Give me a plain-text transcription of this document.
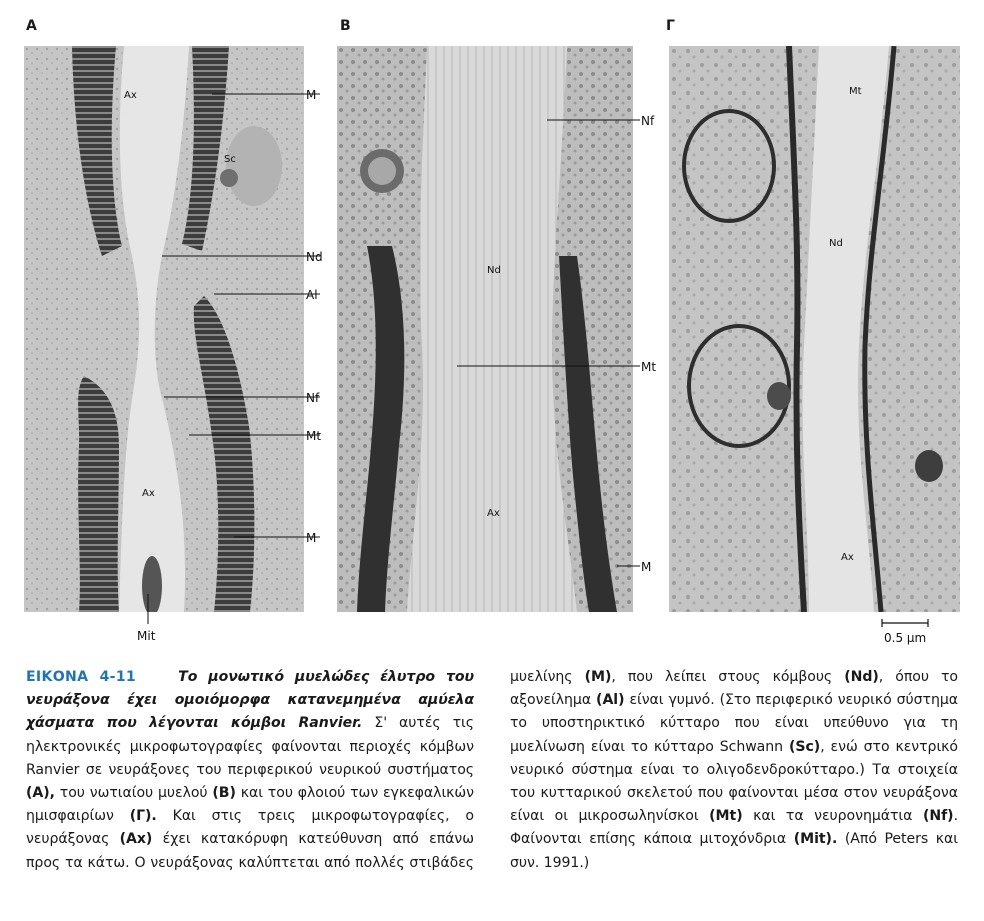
A	B	Γ
Ax
Sc
Ax
M
Nd
Al
Nf
Mt
M
Mit
Nd
Ax
Nf
Mt
M
Mt
Nd
Ax
0.5 μm
ΕΙΚΟΝΑ 4-11	Το μονωτικό μυελώδες έλυτρο του νευράξονα έχει ομοιόμορφα κατανεμημένα αμύελα χάσματα που λέγονται κόμβοι Ranvier. Σ' αυτές τις ηλεκτρονικές μικροφωτογραφίες φαίνονται περιοχές κόμβων Ranvier σε νευράξονες του περιφερικού νευρικού συστήματος (A), του νωτιαίου μυελού (B) και του φλοιού των εγκεφαλικών ημισφαιρίων (Γ). Και στις τρεις μικροφωτογραφίες, ο νευράξονας (Ax) έχει κατακόρυφη κατεύθυνση από επάνω προς τα κάτω. Ο νευράξονας καλύπτεται από πολλές στιβάδες μυελίνης (M), που λείπει στους κόμβους (Nd), όπου το αξονείλημα (Al) είναι γυμνό. (Στο περιφερικό νευρικό σύστημα το υποστηρικτικό κύτταρο που είναι υπεύθυνο για τη μυελίνωση είναι το κύτταρο Schwann (Sc), ενώ στο κεντρικό νευρικό σύστημα είναι το ολιγοδενδροκύτταρο.) Τα στοιχεία του κυτταρικού σκελετού που φαίνονται μέσα στον νευράξονα είναι οι μικροσωληνίσκοι (Mt) και τα νευρονημάτια (Nf). Φαίνονται επίσης κάποια μιτοχόνδρια (Mit). (Από Peters και συν. 1991.)
